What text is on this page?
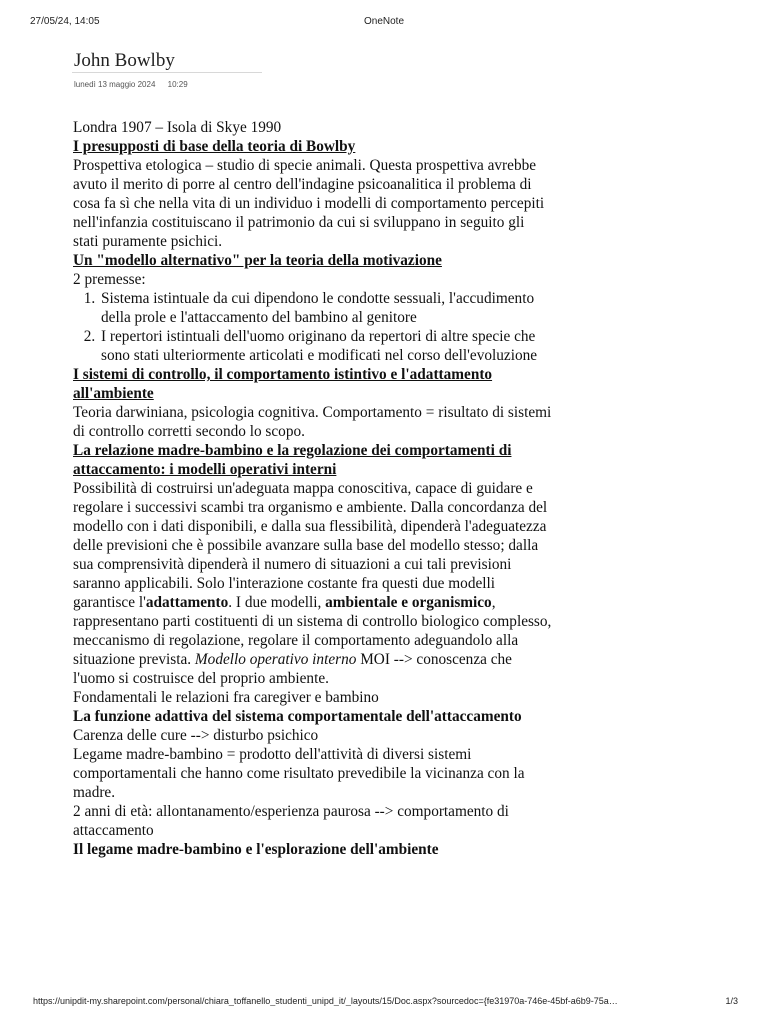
27/05/24, 14:05	OneNote
John Bowlby
lunedì 13 maggio 2024 10:29

Londra 1907 – Isola di Skye 1990

I presupposti di base della teoria di Bowlby

Prospettiva etologica – studio di specie animali. Questa prospettiva avrebbe avuto il merito di porre al centro dell'indagine psicoanalitica il problema di cosa fa sì che nella vita di un individuo i modelli di comportamento percepiti nell'infanzia costituiscano il patrimonio da cui si sviluppano in seguito gli stati puramente psichici.

Un "modello alternativo" per la teoria della motivazione

2 premesse:

1. Sistema istintuale da cui dipendono le condotte sessuali, l'accudimento della prole e l'attaccamento del bambino al genitore
2. I repertori istintuali dell'uomo originano da repertori di altre specie che sono stati ulteriormente articolati e modificati nel corso dell'evoluzione

I sistemi di controllo, il comportamento istintivo e l'adattamento all'ambiente

Teoria darwiniana, psicologia cognitiva. Comportamento = risultato di sistemi di controllo corretti secondo lo scopo.

La relazione madre-bambino e la regolazione dei comportamenti di attaccamento: i modelli operativi interni

Possibilità di costruirsi un'adeguata mappa conoscitiva, capace di guidare e regolare i successivi scambi tra organismo e ambiente. Dalla concordanza del modello con i dati disponibili, e dalla sua flessibilità, dipenderà l'adeguatezza delle previsioni che è possibile avanzare sulla base del modello stesso; dalla sua comprensività dipenderà il numero di situazioni a cui tali previsioni saranno applicabili. Solo l'interazione costante fra questi due modelli garantisce l'adattamento. I due modelli, ambientale e organismico, rappresentano parti costituenti di un sistema di controllo biologico complesso, meccanismo di regolazione, regolare il comportamento adeguandolo alla situazione prevista. Modello operativo interno MOI --> conoscenza che l'uomo si costruisce del proprio ambiente.

Fondamentali le relazioni fra caregiver e bambino

La funzione adattiva del sistema comportamentale dell'attaccamento

Carenza delle cure --> disturbo psichico

Legame madre-bambino = prodotto dell'attività di diversi sistemi comportamentali che hanno come risultato prevedibile la vicinanza con la madre.

2 anni di età: allontanamento/esperienza paurosa --> comportamento di attaccamento

Il legame madre-bambino e l'esplorazione dell'ambiente

https://unipdit-my.sharepoint.com/personal/chiara_toffanello_studenti_unipd_it/_layouts/15/Doc.aspx?sourcedoc={fe31970a-746e-45bf-a6b9-75a…	1/3
